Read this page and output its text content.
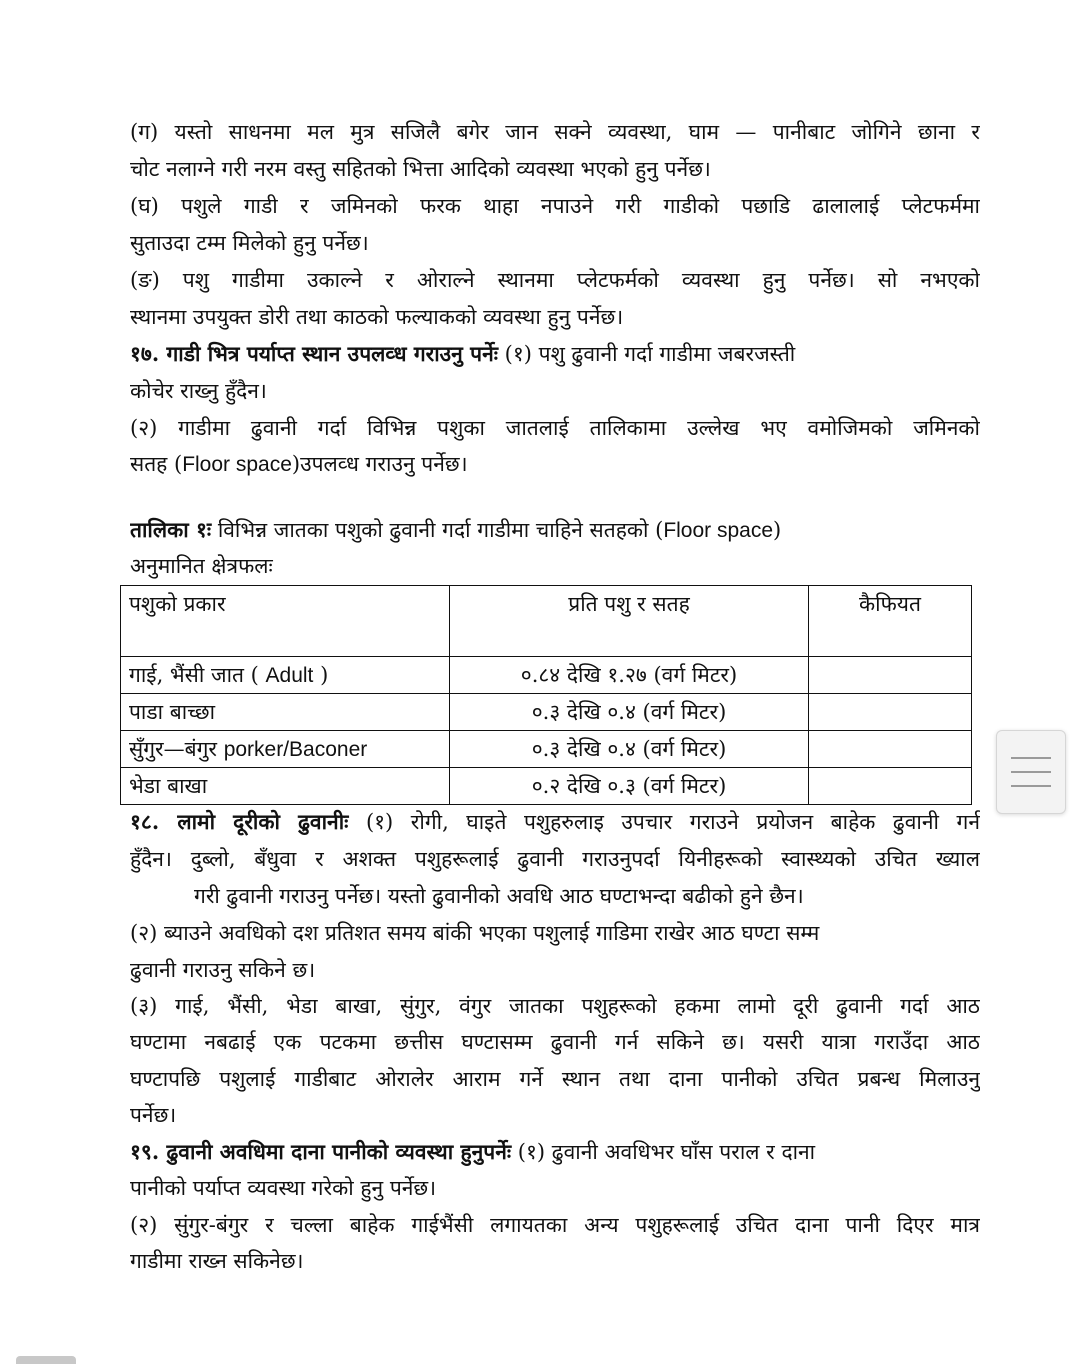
(ग) यस्तो साधनमा मल मुत्र सजिलै बगेर जान सक्ने व्यवस्था, घाम — पानीबाट जोगिने छाना र
चोट नलाग्ने गरी नरम वस्तु सहितको भित्ता आदिको व्यवस्था भएको हुनु पर्नेछ।
(घ) पशुले गाडी र जमिनको फरक थाहा नपाउने गरी गाडीको पछाडि ढालालाई प्लेटफर्ममा
सुताउदा टम्म मिलेको हुनु पर्नेछ।
(ङ) पशु गाडीमा उकाल्ने र ओराल्ने स्थानमा प्लेटफर्मको व्यवस्था हुनु पर्नेछ। सो नभएको
स्थानमा उपयुक्त डोरी तथा काठको फल्याकको व्यवस्था हुनु पर्नेछ।
१७. गाडी भित्र पर्याप्त स्थान उपलव्ध गराउनु पर्नेः (१) पशु ढुवानी गर्दा गाडीमा जबरजस्ती
कोचेर राख्नु हुँदैन।
(२) गाडीमा ढुवानी गर्दा विभिन्न पशुका जातलाई तालिकामा उल्लेख भए वमोजिमको जमिनको
सतह (Floor space)उपलव्ध गराउनु पर्नेछ।
तालिका १ः विभिन्न जातका पशुको ढुवानी गर्दा गाडीमा चाहिने सतहको (Floor space)
अनुमानित क्षेत्रफलः
पशुको प्रकार	प्रति पशु र सतह	कैफियत
गाई, भैंसी जात ( Adult )	०.८४ देखि १.२७ (वर्ग मिटर)	
पाडा बाच्छा	०.३ देखि ०.४ (वर्ग मिटर)	
सुँगुर—बंगुर porker/Baconer	०.३ देखि ०.४ (वर्ग मिटर)	
भेडा बाखा	०.२ देखि ०.३ (वर्ग मिटर)	
१८. लामो दूरीको ढुवानीः (१) रोगी, घाइते पशुहरुलाइ उपचार गराउने प्रयोजन बाहेक ढुवानी गर्न
हुँदैन। दुब्लो, बँधुवा र अशक्त पशुहरूलाई ढुवानी गराउनुपर्दा यिनीहरूको स्वास्थ्यको उचित ख्याल
गरी ढुवानी गराउनु पर्नेछ। यस्तो ढुवानीको अवधि आठ घण्टाभन्दा बढीको हुने छैन।
(२) ब्याउने अवधिको दश प्रतिशत समय बांकी भएका पशुलाई गाडिमा राखेर आठ घण्टा सम्म
ढुवानी गराउनु सकिने छ।
(३) गाई, भैंसी, भेडा बाखा, सुंगुर, वंगुर जातका पशुहरूको हकमा लामो दूरी ढुवानी गर्दा आठ
घण्टामा नबढाई एक पटकमा छत्तीस घण्टासम्म ढुवानी गर्न सकिने छ। यसरी यात्रा गराउँदा आठ
घण्टापछि पशुलाई गाडीबाट ओरालेर आराम गर्ने स्थान तथा दाना पानीको उचित प्रबन्ध मिलाउनु
पर्नेछ।
१९. ढुवानी अवधिमा दाना पानीको व्यवस्था हुनुपर्नेः (१) ढुवानी अवधिभर घाँस पराल र दाना
पानीको पर्याप्त व्यवस्था गरेको हुनु पर्नेछ।
(२) सुंगुर-बंगुर र चल्ला बाहेक गाईभैंसी लगायतका अन्य पशुहरूलाई उचित दाना पानी दिएर मात्र
गाडीमा राख्न सकिनेछ।
